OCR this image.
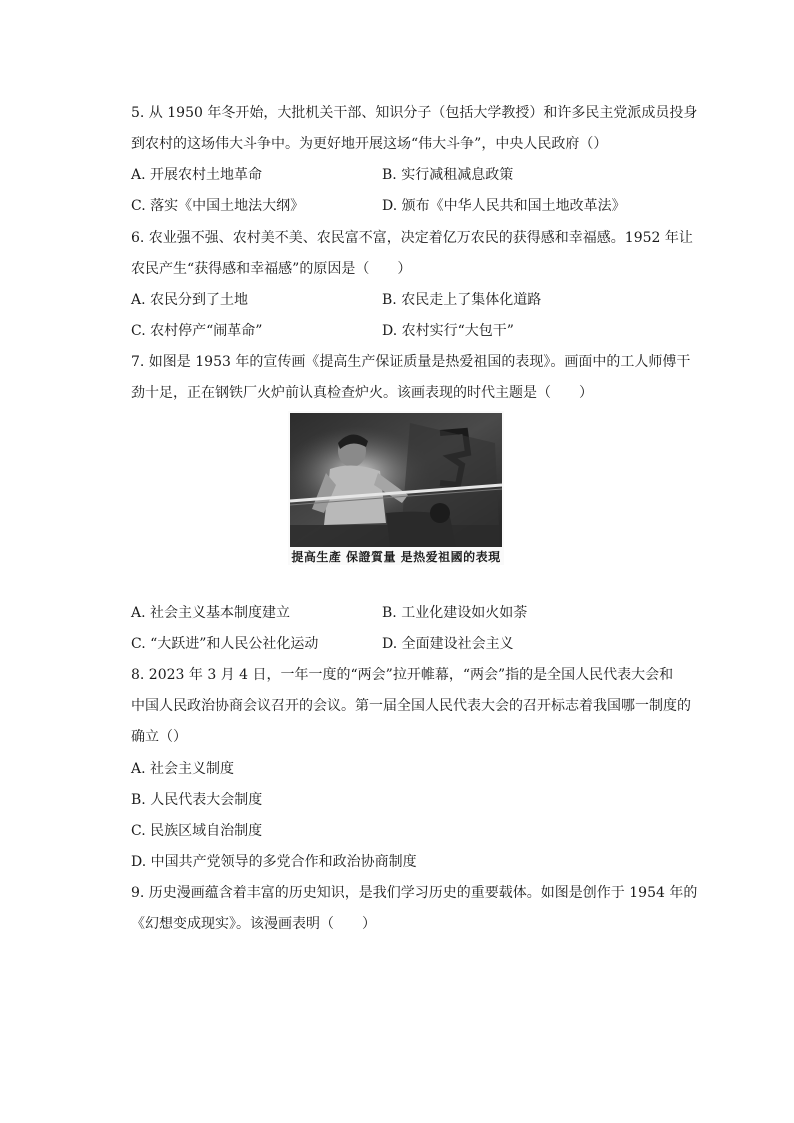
5. 从 1950 年冬开始，大批机关干部、知识分子（包括大学教授）和许多民主党派成员投身
到农村的这场伟大斗争中。为更好地开展这场“伟大斗争”，中央人民政府（）
A. 开展农村土地革命	B. 实行减租减息政策
C. 落实《中国土地法大纲》	D. 颁布《中华人民共和国土地改革法》
6. 农业强不强、农村美不美、农民富不富，决定着亿万农民的获得感和幸福感。1952 年让
农民产生“获得感和幸福感”的原因是（　　）
A. 农民分到了土地	B. 农民走上了集体化道路
C. 农村停产“闹革命”	D. 农村实行“大包干”
7. 如图是 1953 年的宣传画《提高生产保证质量是热爱祖国的表现》。画面中的工人师傅干
劲十足，正在钢铁厂火炉前认真检查炉火。该画表现的时代主题是（　　）
提高生產 保證質量 是热爱祖國的表現
A. 社会主义基本制度建立	B. 工业化建设如火如荼
C. “大跃进”和人民公社化运动	D. 全面建设社会主义
8. 2023 年 3 月 4 日，一年一度的“两会”拉开帷幕，“两会”指的是全国人民代表大会和
中国人民政治协商会议召开的会议。第一届全国人民代表大会的召开标志着我国哪一制度的
确立（）
A. 社会主义制度
B. 人民代表大会制度
C. 民族区域自治制度
D. 中国共产党领导的多党合作和政治协商制度
9. 历史漫画蕴含着丰富的历史知识，是我们学习历史的重要载体。如图是创作于 1954 年的
《幻想变成现实》。该漫画表明（　　）
